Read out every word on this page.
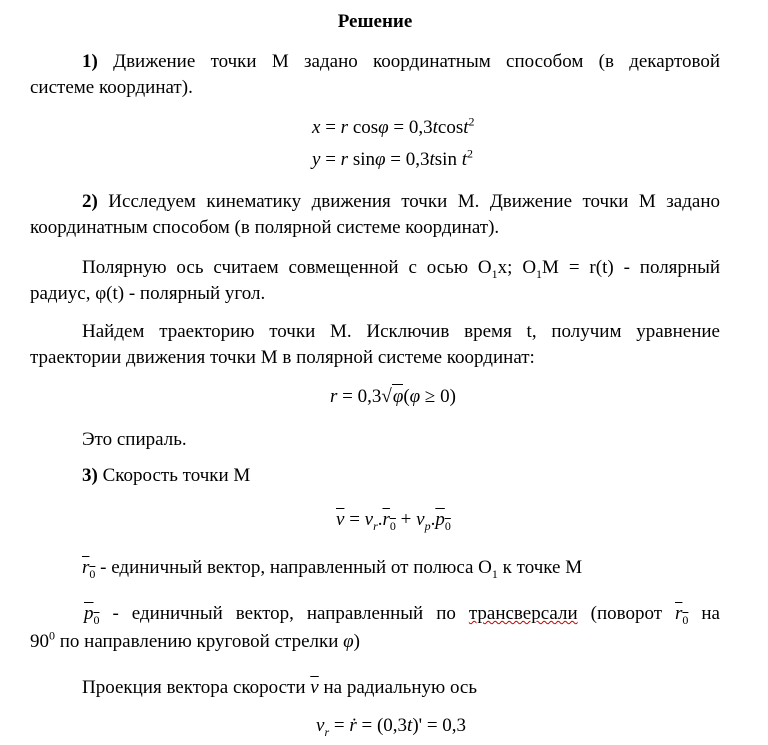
Решение
1) Движение точки М задано координатным способом (в декартовой
системе координат).
x = r cosφ = 0,3tcost$^2$
y = r sinφ = 0,3tsin $t^2$
2) Исследуем кинематику движения точки М. Движение точки М задано
координатным способом (в полярной системе координат).
Полярную ось считаем совмещенной с осью $O_1x$; $O_1M = r(t)$ - полярный
радиус, φ(t) - полярный угол.
Найдем траекторию точки М. Исключив время t, получим уравнение
траектории движения точки М в полярной системе координат:
r = 0,3√φ(φ ≥ 0)
Это спираль.
3) Скорость точки М
$\overline{v} = v_r.r_0 + v_p.p_0$
$r_0$ - единичный вектор, направленный от полюса $O_1$ к точке М
$p_0$ - единичный вектор, направленный по трансверсали (поворот $r_0$ на
$90^0$ по направлению круговой стрелки φ)
Проекция вектора скорости $\overline{v}$ на радиальную ось
$v_r$ = ṙ = (0,3t)' = 0,3
